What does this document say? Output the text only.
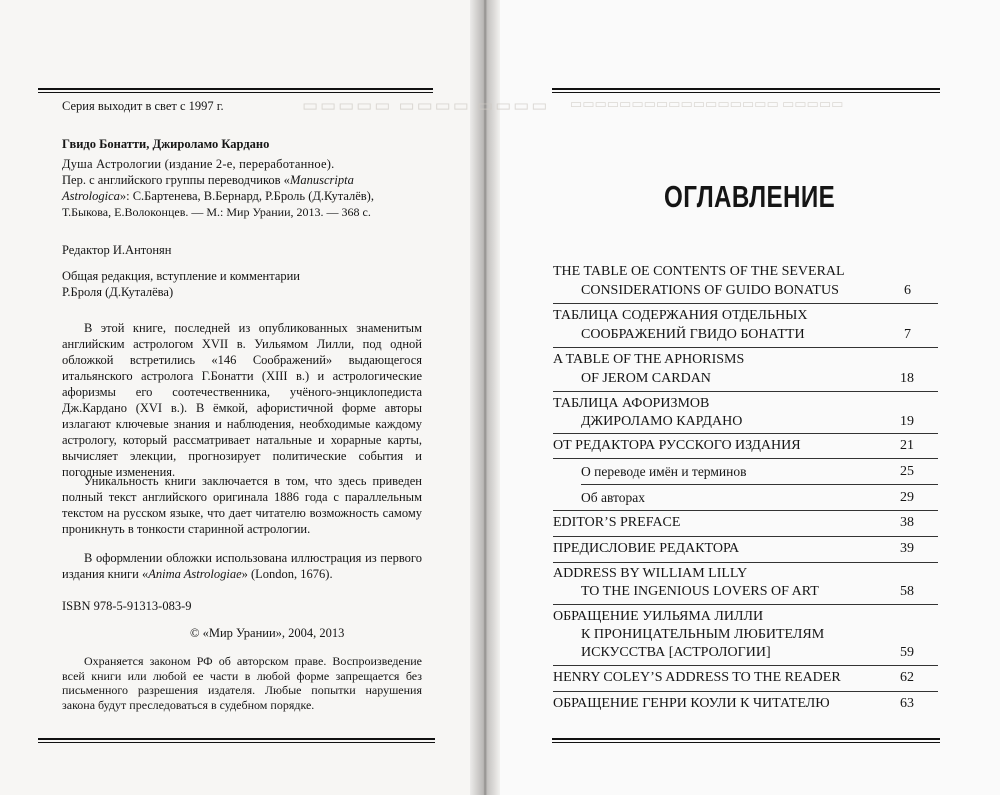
▭▭▭▭ ▭▭▭▭ ▭▭▭▭▭ ▭▭▭▭▭ ▭▭▭▭▭▭▭▭▭▭▭▭▭▭▭▭▭
Серия выходит в свет с 1997 г.
Гвидо Бонатти, Джироламо Кардано
Душа Астрологии (издание 2-е, переработанное).
Пер. с английского группы переводчиков «Manuscripta Astrologica»: С.Бартенева, В.Бернард, Р.Броль (Д.Куталёв),
Т.Быкова, Е.Волоконцев. — М.: Мир Урании, 2013. — 368 с.
Редактор И.Антонян
Общая редакция, вступление и комментарии
Р.Броля (Д.Куталёва)
В этой книге, последней из опубликованных знаменитым английским астрологом XVII в. Уильямом Лилли, под одной обложкой встретились «146 Соображений» выдающегося итальянского астролога Г.Бонатти (XIII в.) и астрологические афоризмы его соотечественника, учёного-энциклопедиста Дж.Кардано (XVI в.). В ёмкой, афористичной форме авторы излагают ключевые знания и наблюдения, необходимые каждому астрологу, который рассматривает натальные и хорарные карты, вычисляет элекции, прогнозирует политические события и погодные изменения.
Уникальность книги заключается в том, что здесь приведен полный текст английского оригинала 1886 года с параллельным текстом на русском языке, что дает читателю возможность самому проникнуть в тонкости старинной астрологии.
В оформлении обложки использована иллюстрация из первого издания книги «Anima Astrologiae» (London, 1676).
ISBN 978-5-91313-083-9
© «Мир Урании», 2004, 2013
Охраняется законом РФ об авторском праве. Воспроизведение всей книги или любой ее части в любой форме запрещается без письменного разрешения издателя. Любые попытки нарушения закона будут преследоваться в судебном порядке.
ОГЛАВЛЕНИЕ
THE TABLE OE CONTENTS OF THE SEVERAL
CONSIDERATIONS OF GUIDO BONATUS	6
ТАБЛИЦА СОДЕРЖАНИЯ ОТДЕЛЬНЫХ
СООБРАЖЕНИЙ ГВИДО БОНАТТИ	7
A TABLE OF THE APHORISMS
OF JEROM CARDAN	18
ТАБЛИЦА АФОРИЗМОВ
ДЖИРОЛАМО КАРДАНО	19
ОТ РЕДАКТОРА РУССКОГО ИЗДАНИЯ	21
О переводе имён и терминов	25
Об авторах	29
EDITOR’S PREFACE	38
ПРЕДИСЛОВИЕ РЕДАКТОРА	39
ADDRESS BY WILLIAM LILLY
TO THE INGENIOUS LOVERS OF ART	58
ОБРАЩЕНИЕ УИЛЬЯМА ЛИЛЛИ
К ПРОНИЦАТЕЛЬНЫМ ЛЮБИТЕЛЯМ
ИСКУССТВА [АСТРОЛОГИИ]	59
HENRY COLEY’S ADDRESS TO THE READER	62
ОБРАЩЕНИЕ ГЕНРИ КОУЛИ К ЧИТАТЕЛЮ	63
